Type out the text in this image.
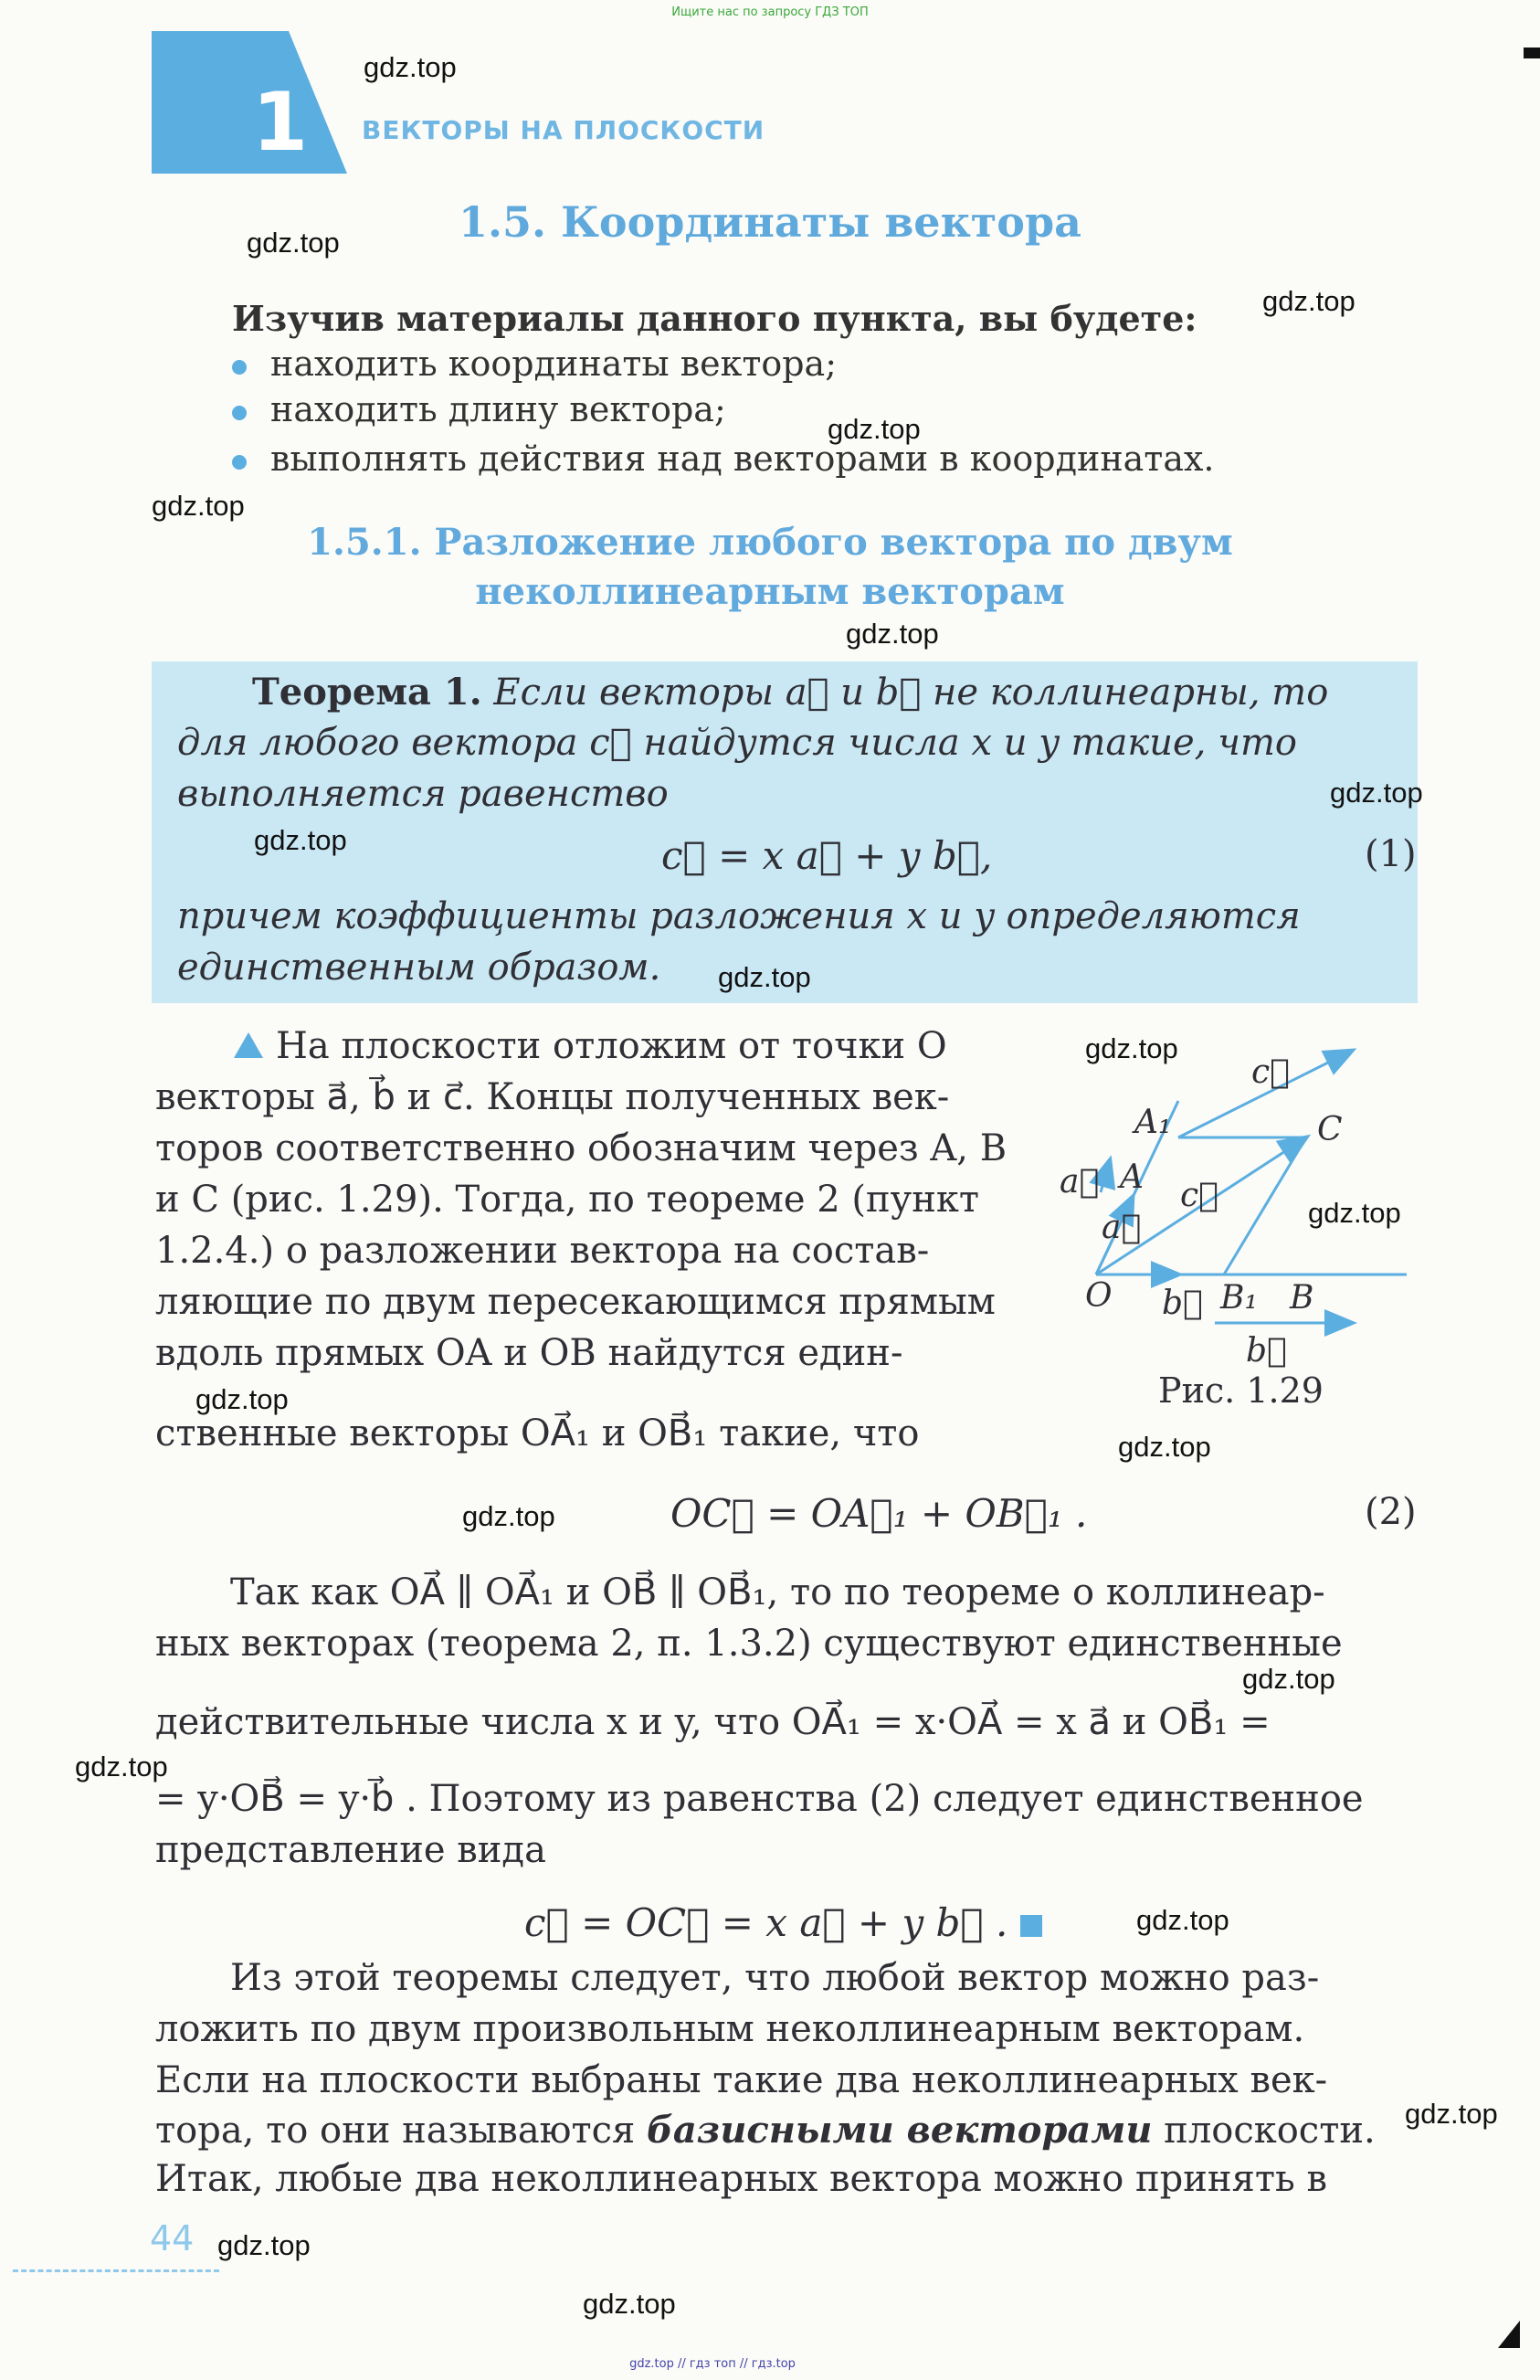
Ищите нас по запросу ГДЗ ТОП
1 ВЕКТОРЫ НА ПЛОСКОСТИ
1.5. Координаты вектора
Изучив материалы данного пункта, вы будете:
находить координаты вектора;
находить длину вектора;
выполнять действия над векторами в координатах.
1.5.1. Разложение любого вектора по двум
неколлинеарным векторам
Теорема 1. Если векторы a⃗ и b⃗ не коллинеарны, то
для любого вектора c⃗ найдутся числа x и y такие, что
выполняется равенство
c⃗ = x a⃗ + y b⃗,	(1)
причем коэффициенты разложения x и y определяются
единственным образом.
На плоскости отложим от точки O
векторы a⃗, b⃗ и c⃗. Концы полученных век-
торов соответственно обозначим через A, B
и C (рис. 1.29). Тогда, по теореме 2 (пункт
1.2.4.) о разложении вектора на состав-
ляющие по двум пересекающимся прямым
вдоль прямых OA и OB найдутся един-
ственные векторы OA⃗₁ и OB⃗₁ такие, что
c⃗
A₁	C
a⃗ A c⃗
a⃗
O b⃗ B₁ B
b⃗
Рис. 1.29
OC⃗ = OA⃗₁ + OB⃗₁ .	(2)
Так как OA⃗ ∥ OA⃗₁ и OB⃗ ∥ OB⃗₁, то по теореме о коллинеар-
ных векторах (теорема 2, п. 1.3.2) существуют единственные
действительные числа x и y, что OA⃗₁ = x·OA⃗ = x a⃗ и OB⃗₁ =
= y·OB⃗ = y·b⃗ . Поэтому из равенства (2) следует единственное
представление вида
c⃗ = OC⃗ = x a⃗ + y b⃗ .
Из этой теоремы следует, что любой вектор можно раз-
ложить по двум произвольным неколлинеарным векторам.
Если на плоскости выбраны такие два неколлинеарных век-
тора, то они называются базисными векторами плоскости.
Итак, любые два неколлинеарных вектора можно принять в
44
gdz.top // гдз топ // гдз.top
gdz.top
gdz.top
gdz.top
gdz.top
gdz.top
gdz.top
gdz.top
gdz.top
gdz.top
gdz.top
gdz.top
gdz.top
gdz.top
gdz.top
gdz.top
gdz.top
gdz.top
gdz.top
gdz.top
gdz.top
